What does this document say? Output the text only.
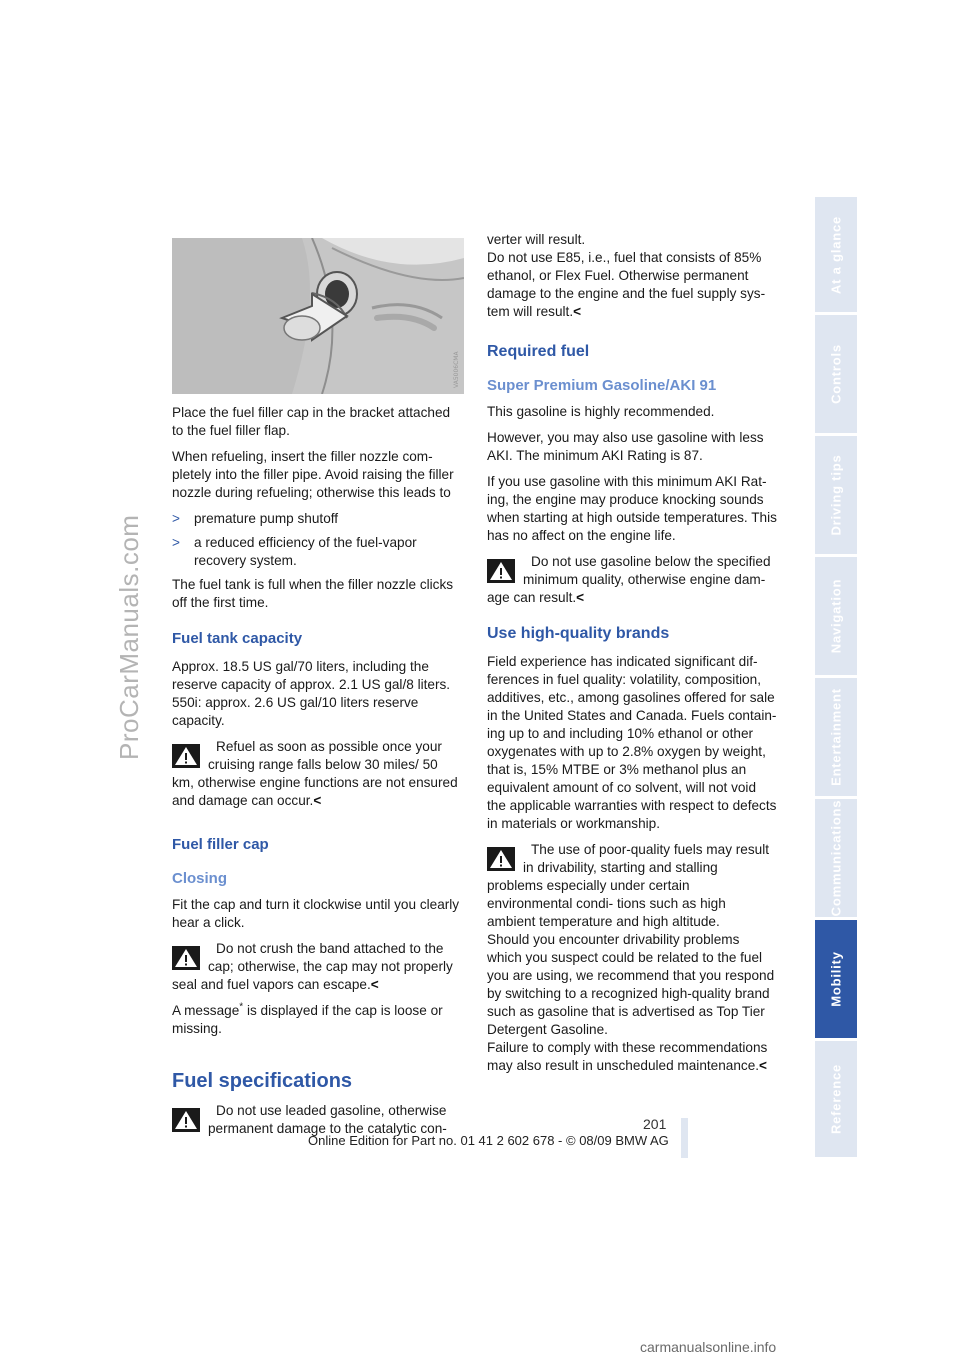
ProCarManuals.com
At a glance
Controls
Driving tips
Navigation
Entertainment
Communications
Mobility
Reference
VA5006CMA

Place the fuel filler cap in the bracket attached to the fuel filler flap.

When refueling, insert the filler nozzle com- pletely into the filler pipe. Avoid raising the filler nozzle during refueling; otherwise this leads to

> premature pump shutoff
> a reduced efficiency of the fuel-vapor recovery system.

The fuel tank is full when the filler nozzle clicks off the first time.

Fuel tank capacity

Approx. 18.5 US gal/70 liters, including the reserve capacity of approx. 2.1 US gal/8 liters. 550i: approx. 2.6 US gal/10 liters reserve capacity.

Refuel as soon as possible once your cruising range falls below 30 miles/ 50 km, otherwise engine functions are not ensured and damage can occur.<
Fuel filler cap
Closing

Fit the cap and turn it clockwise until you clearly hear a click.

Do not crush the band attached to the cap; otherwise, the cap may not properly seal and fuel vapors can escape.<

A message* is displayed if the cap is loose or missing.

Fuel specifications
Do not use leaded gasoline, otherwise permanent damage to the catalytic con-

verter will result.

Do not use E85, i.e., fuel that consists of 85% ethanol, or Flex Fuel. Otherwise permanent damage to the engine and the fuel supply sys- tem will result.<

Required fuel
Super Premium Gasoline/AKI 91

This gasoline is highly recommended.

However, you may also use gasoline with less AKI. The minimum AKI Rating is 87.

If you use gasoline with this minimum AKI Rat- ing, the engine may produce knocking sounds when starting at high outside temperatures. This has no affect on the engine life.

Do not use gasoline below the specified minimum quality, otherwise engine dam- age can result.<
Use high-quality brands

Field experience has indicated significant dif- ferences in fuel quality: volatility, composition, additives, etc., among gasolines offered for sale in the United States and Canada. Fuels contain- ing up to and including 10% ethanol or other oxygenates with up to 2.8% oxygen by weight, that is, 15% MTBE or 3% methanol plus an equivalent amount of co solvent, will not void the applicable warranties with respect to defects in materials or workmanship.

The use of poor-quality fuels may result in drivability, starting and stalling problems especially under certain environmental condi- tions such as high ambient temperature and high altitude.

Should you encounter drivability problems which you suspect could be related to the fuel you are using, we recommend that you respond by switching to a recognized high-quality brand such as gasoline that is advertised as Top Tier Detergent Gasoline.

Failure to comply with these recommendations may also result in unscheduled maintenance.<

201
Online Edition for Part no. 01 41 2 602 678 - © 08/09 BMW AG
carmanualsonline.info
